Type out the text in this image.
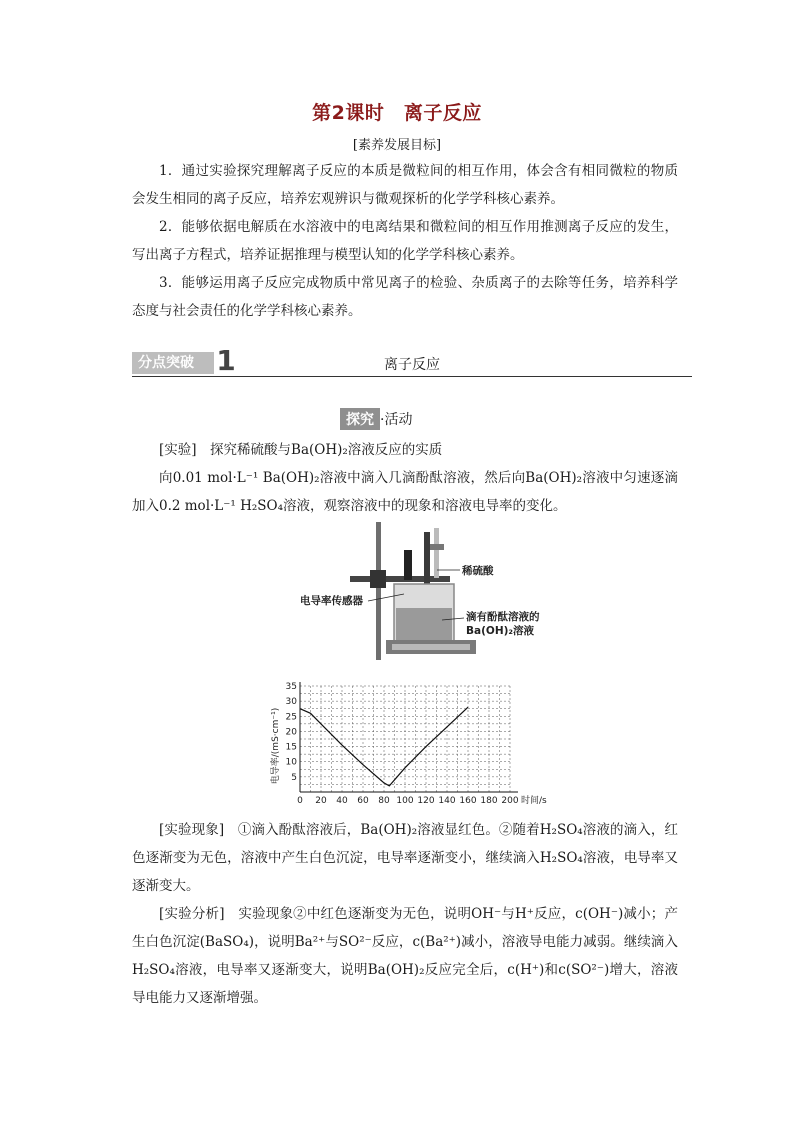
第2课时　离子反应
[素养发展目标]
1．通过实验探究理解离子反应的本质是微粒间的相互作用，体会含有相同微粒的物质会发生相同的离子反应，培养宏观辨识与微观探析的化学学科核心素养。
2．能够依据电解质在水溶液中的电离结果和微粒间的相互作用推测离子反应的发生，写出离子方程式，培养证据推理与模型认知的化学学科核心素养。
3．能够运用离子反应完成物质中常见离子的检验、杂质离子的去除等任务，培养科学态度与社会责任的化学学科核心素养。
分点突破 1	离子反应
探究 ·活动
[实验]　探究稀硫酸与Ba(OH)₂溶液反应的实质
向0.01 mol·L⁻¹ Ba(OH)₂溶液中滴入几滴酚酞溶液，然后向Ba(OH)₂溶液中匀速逐滴加入0.2 mol·L⁻¹ H₂SO₄溶液，观察溶液中的现象和溶液电导率的变化。
稀硫酸
电导率传感器
滴有酚酞溶液的
Ba(OH)₂溶液
5
10
15
20
25
30
35
0 20 40 60 80 100 120 140 160 180 200
电导率/(mS·cm⁻¹)
时间/s
[实验现象]　①滴入酚酞溶液后，Ba(OH)₂溶液显红色。②随着H₂SO₄溶液的滴入，红色逐渐变为无色，溶液中产生白色沉淀，电导率逐渐变小，继续滴入H₂SO₄溶液，电导率又逐渐变大。
[实验分析]　实验现象②中红色逐渐变为无色，说明OH⁻与H⁺反应，c(OH⁻)减小；产生白色沉淀(BaSO₄)，说明Ba²⁺与SO²⁻反应，c(Ba²⁺)减小，溶液导电能力减弱。继续滴入H₂SO₄溶液，电导率又逐渐变大，说明Ba(OH)₂反应完全后，c(H⁺)和c(SO²⁻)增大，溶液导电能力又逐渐增强。
